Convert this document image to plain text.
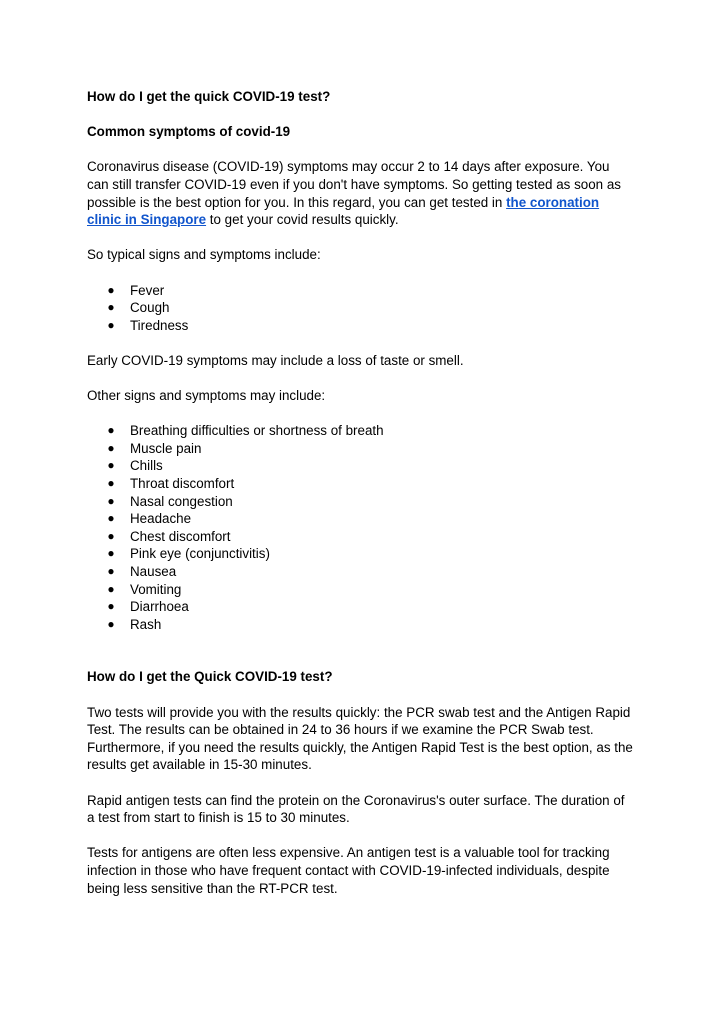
How do I get the quick COVID-19 test?

Common symptoms of covid-19

Coronavirus disease (COVID-19) symptoms may occur 2 to 14 days after exposure. You can still transfer COVID-19 even if you don't have symptoms. So getting tested as soon as possible is the best option for you. In this regard, you can get tested in the coronation clinic in Singapore to get your covid results quickly.

So typical signs and symptoms include:

● Fever
● Cough
● Tiredness

Early COVID-19 symptoms may include a loss of taste or smell.

Other signs and symptoms may include:

● Breathing difficulties or shortness of breath
● Muscle pain
● Chills
● Throat discomfort
● Nasal congestion
● Headache
● Chest discomfort
● Pink eye (conjunctivitis)
● Nausea
● Vomiting
● Diarrhoea
● Rash

How do I get the Quick COVID-19 test?

Two tests will provide you with the results quickly: the PCR swab test and the Antigen Rapid Test. The results can be obtained in 24 to 36 hours if we examine the PCR Swab test. Furthermore, if you need the results quickly, the Antigen Rapid Test is the best option, as the results get available in 15-30 minutes.

Rapid antigen tests can find the protein on the Coronavirus's outer surface. The duration of a test from start to finish is 15 to 30 minutes.

Tests for antigens are often less expensive. An antigen test is a valuable tool for tracking infection in those who have frequent contact with COVID-19-infected individuals, despite being less sensitive than the RT-PCR test.
